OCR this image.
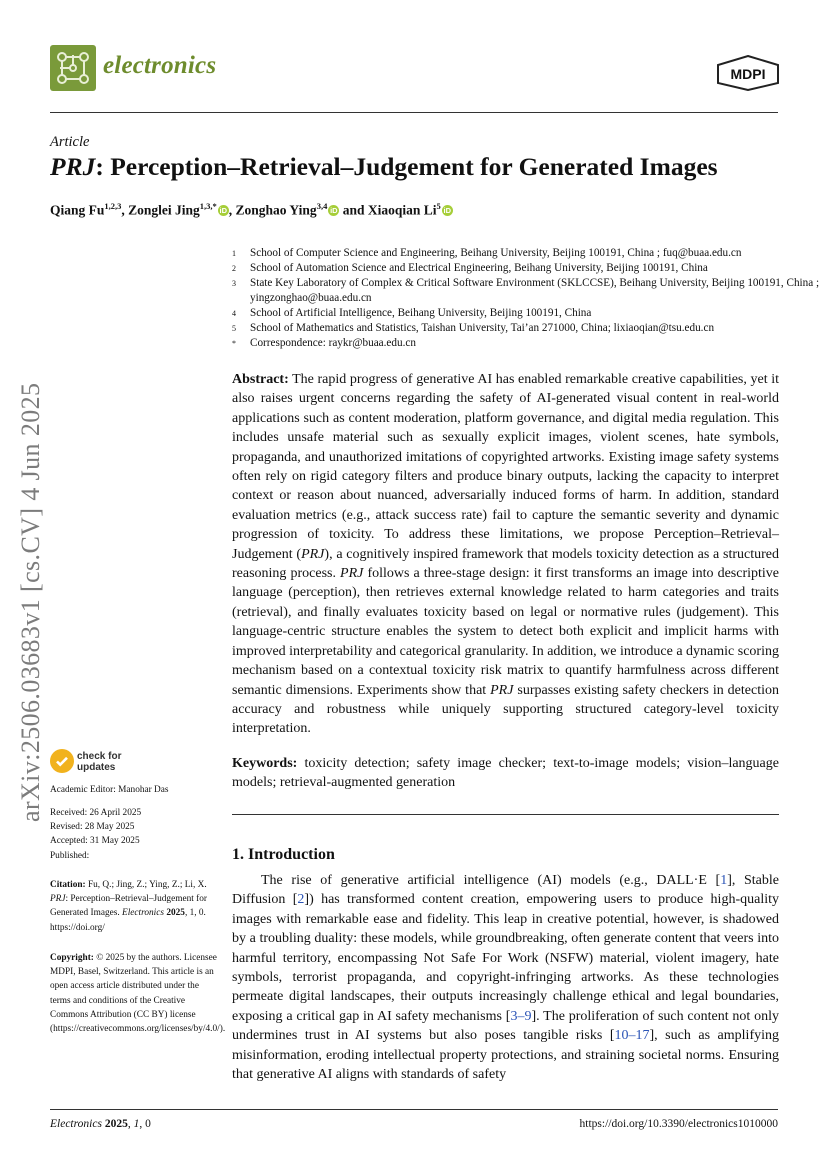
electronics	MDPI
Article
PRJ: Perception–Retrieval–Judgement for Generated Images
Qiang Fu$^{1,2,3}$, Zonglei Jing$^{1,3,*}$ iD , Zonghao Ying$^{3,4}$ iD and Xiaoqian Li$^5$ iD
1	School of Computer Science and Engineering, Beihang University, Beijing 100191, China ; fuq@buaa.edu.cn
2	School of Automation Science and Electrical Engineering, Beihang University, Beijing 100191, China
3	State Key Laboratory of Complex & Critical Software Environment (SKLCCSE), Beihang University, Beijing 100191, China ; yingzonghao@buaa.edu.cn
4	School of Artificial Intelligence, Beihang University, Beijing 100191, China
5	School of Mathematics and Statistics, Taishan University, Tai’an 271000, China; lixiaoqian@tsu.edu.cn
*	Correspondence: raykr@buaa.edu.cn
Abstract: The rapid progress of generative AI has enabled remarkable creative capabilities, yet it also raises urgent concerns regarding the safety of AI-generated visual content in real-world applications such as content moderation, platform governance, and digital media regulation. This includes unsafe material such as sexually explicit images, violent scenes, hate symbols, propaganda, and unauthorized imitations of copyrighted artworks. Existing image safety systems often rely on rigid category filters and produce binary outputs, lacking the capacity to interpret context or reason about nuanced, adversarially induced forms of harm. In addition, standard evaluation metrics (e.g., attack success rate) fail to capture the semantic severity and dynamic progression of toxicity. To address these limitations, we propose Perception–Retrieval–Judgement (PRJ), a cognitively inspired framework that models toxicity detection as a structured reasoning process. PRJ follows a three-stage design: it first transforms an image into descriptive language (perception), then retrieves external knowledge related to harm categories and traits (retrieval), and finally evaluates toxicity based on legal or normative rules (judgement). This language-centric structure enables the system to detect both explicit and implicit harms with improved interpretability and categorical granularity. In addition, we introduce a dynamic scoring mechanism based on a contextual toxicity risk matrix to quantify harmfulness across different semantic dimensions. Experiments show that PRJ surpasses existing safety checkers in detection accuracy and robustness while uniquely supporting structured category-level toxicity interpretation.
Keywords: toxicity detection; safety image checker; text-to-image models; vision–language models; retrieval-augmented generation
1. Introduction

The rise of generative artificial intelligence (AI) models (e.g., DALL·E [1], Stable Diffusion [2]) has transformed content creation, empowering users to produce high-quality images with remarkable ease and fidelity. This leap in creative potential, however, is shadowed by a troubling duality: these models, while groundbreaking, often generate content that veers into harmful territory, encompassing Not Safe For Work (NSFW) material, violent imagery, hate symbols, terrorist propaganda, and copyright-infringing artworks. As these technologies permeate digital landscapes, their outputs increasingly challenge ethical and legal boundaries, exposing a critical gap in AI safety mechanisms [3–9]. The proliferation of such content not only undermines trust in AI systems but also poses tangible risks [10–17], such as amplifying misinformation, eroding intellectual property protections, and straining societal norms. Ensuring that generative AI aligns with standards of safety

arXiv:2506.03683v1 [cs.CV] 4 Jun 2025	check for
updates
Academic Editor: Manohar Das
Received: 26 April 2025
Revised: 28 May 2025
Accepted: 31 May 2025
Published:
Citation: Fu, Q.; Jing, Z.; Ying, Z.; Li, X. PRJ: Perception–Retrieval–Judgement for Generated Images. Electronics 2025, 1, 0. https://doi.org/
Copyright: © 2025 by the authors. Licensee MDPI, Basel, Switzerland. This article is an open access article distributed under the terms and conditions of the Creative Commons Attribution (CC BY) license (https://creativecommons.org/licenses/by/4.0/).
Electronics 2025, 1, 0	https://doi.org/10.3390/electronics1010000
